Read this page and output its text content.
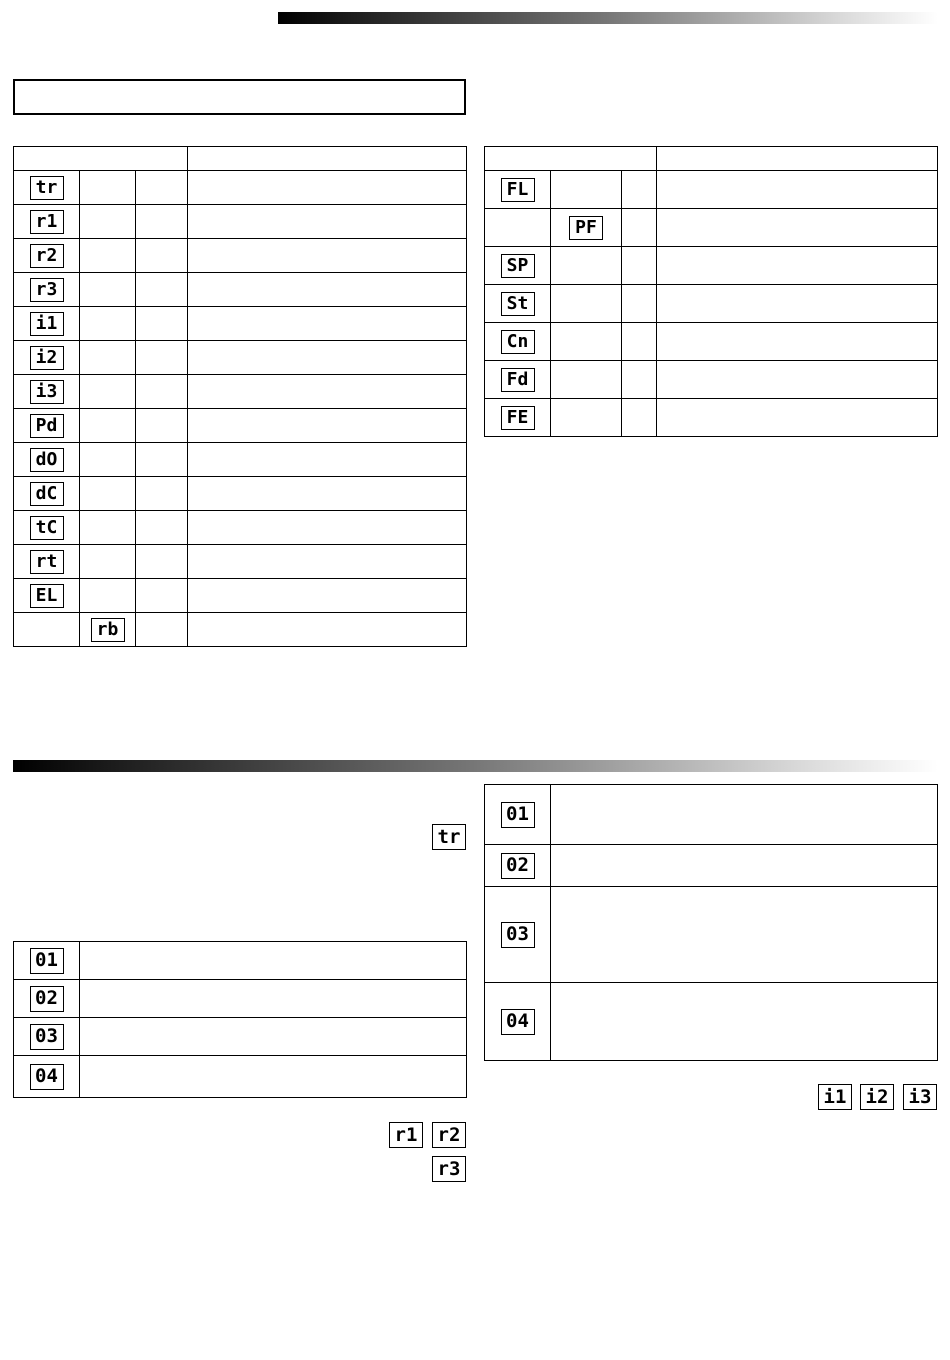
tr			
r1			
r2			
r3			
i1			
i2			
i3			
Pd			
dO			
dC			
tC			
rt			
EL			
	rb		

FL			
	PF		
SP			
St			
Cn			
Fd			
FE			
tr
01	
02	
03	
04	
r1 r2
r3
01	
02	
03	
04	
i1 i2 i3
